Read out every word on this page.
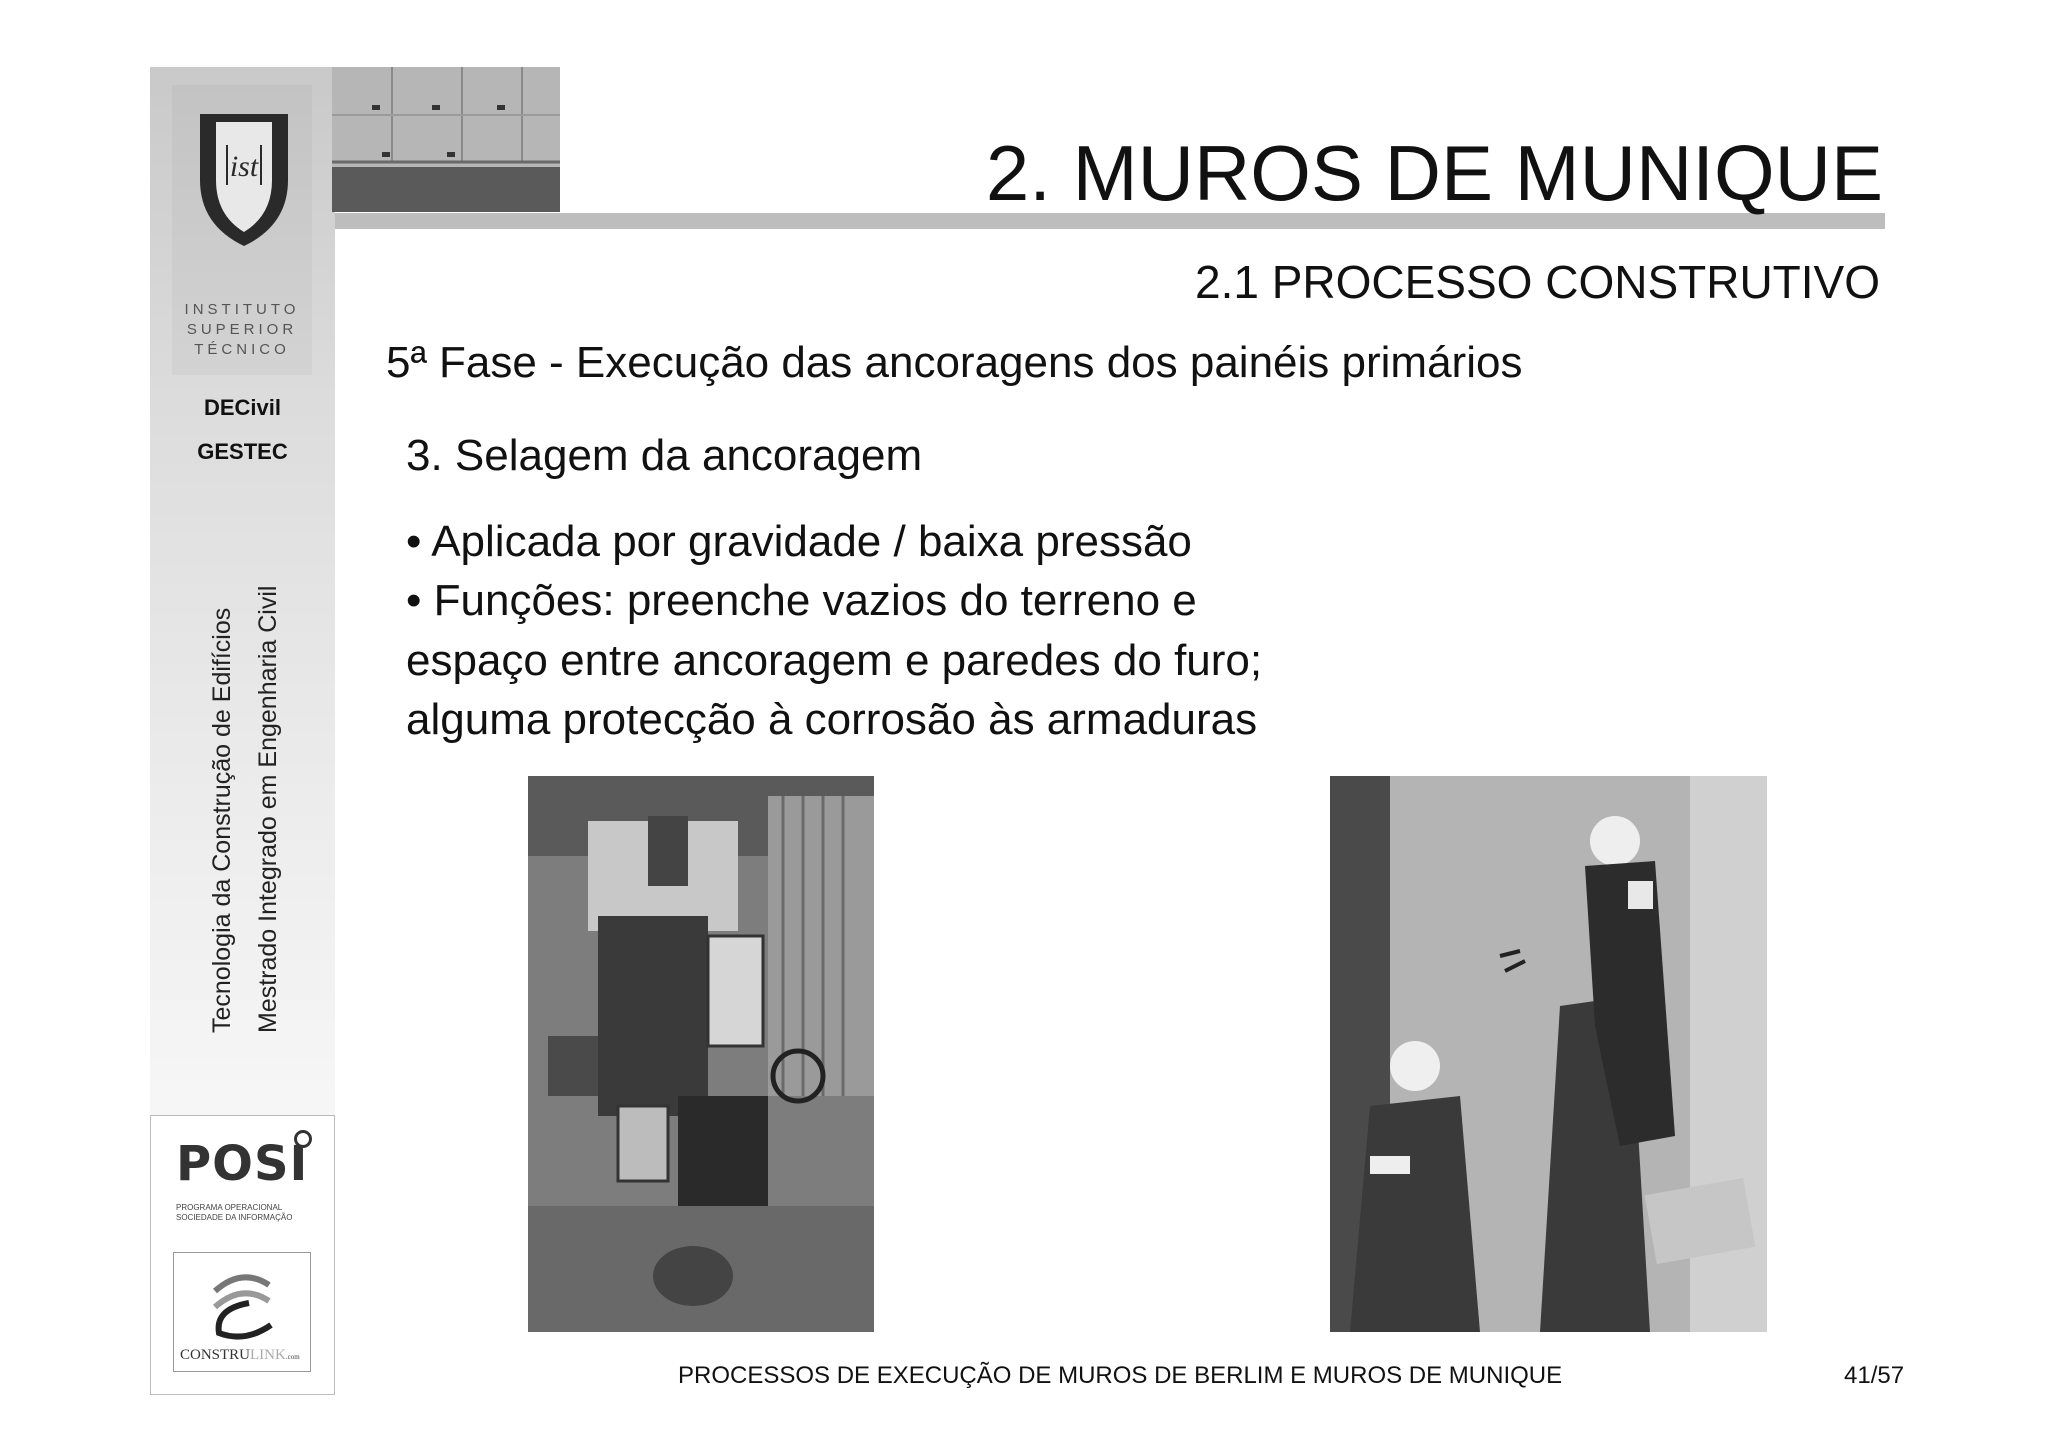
ist
INSTITUTO
SUPERIOR
TÉCNICO
DECivil
GESTEC
Tecnologia da Construção de Edifícios Mestrado Integrado em Engenharia Civil
POSI
PROGRAMA OPERACIONAL
SOCIEDADE DA INFORMAÇÃO
CONSTRULINK.com
2. MUROS DE MUNIQUE
2.1 PROCESSO CONSTRUTIVO
5ª Fase - Execução das ancoragens dos painéis primários
3. Selagem da ancoragem
• Aplicada por gravidade / baixa pressão
• Funções: preenche vazios do terreno e
espaço entre ancoragem e paredes do furo;
alguma protecção à corrosão às armaduras
PROCESSOS DE EXECUÇÃO DE MUROS DE BERLIM E MUROS DE MUNIQUE	41/57
